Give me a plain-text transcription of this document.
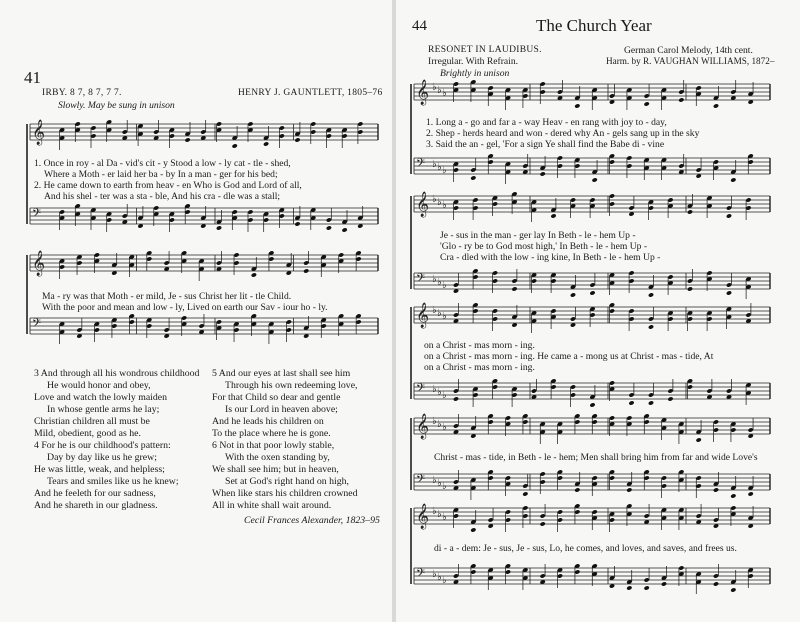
𝄞
𝄢
𝄞
𝄢
𝄞 ♭ ♭ ♭
𝄢 ♭ ♭ ♭
𝄞 ♭ ♭ ♭
𝄢 ♭ ♭ ♭
𝄞 ♭ ♭ ♭
𝄢 ♭ ♭ ♭
𝄞 ♭ ♭ ♭
𝄢 ♭ ♭ ♭
𝄞 ♭ ♭ ♭
𝄢 ♭ ♭ ♭
41
IRBY. 8 7, 8 7, 7 7.	HENRY J. GAUNTLETT, 1805–76
Slowly. May be sung in unison
1. Once in roy - al Da - vid's cit - y Stood a low - ly cat - tle - shed,
Where a Moth - er laid her ba - by In a man - ger for his bed;
2. He came down to earth from heav - en Who is God and Lord of all,
And his shel - ter was a sta - ble, And his cra - dle was a stall;
Ma - ry was that Moth - er mild, Je - sus Christ her lit - tle Child.
With the poor and mean and low - ly, Lived on earth our Sav - iour ho - ly.
3 And through all his wondrous childhood
He would honor and obey,
Love and watch the lowly maiden
In whose gentle arms he lay;
Christian children all must be
Mild, obedient, good as he.
4 For he is our childhood's pattern:
Day by day like us he grew;
He was little, weak, and helpless;
Tears and smiles like us he knew;
And he feeleth for our sadness,
And he shareth in our gladness.
5 And our eyes at last shall see him
Through his own redeeming love,
For that Child so dear and gentle
Is our Lord in heaven above;
And he leads his children on
To the place where he is gone.
6 Not in that poor lowly stable,
With the oxen standing by,
We shall see him; but in heaven,
Set at God's right hand on high,
When like stars his children crowned
All in white shall wait around.
Cecil Frances Alexander, 1823–95
44	The Church Year
RESONET IN LAUDIBUS.
Irregular. With Refrain.
German Carol Melody, 14th cent.
Harm. by R. VAUGHAN WILLIAMS, 1872–
Brightly in unison
1. Long a - go and far a - way Heav - en rang with joy to - day,
2. Shep - herds heard and won - dered why An - gels sang up in the sky
3. Said the an - gel, 'For a sign Ye shall find the Babe di - vine
Je - sus in the man - ger lay In Beth - le - hem Up -
'Glo - ry be to God most high,' In Beth - le - hem Up -
Cra - dled with the low - ing kine, In Beth - le - hem Up -
on a Christ - mas morn - ing.
on a Christ - mas morn - ing. He came a - mong us at Christ - mas - tide, At
on a Christ - mas morn - ing.
Christ - mas - tide, in Beth - le - hem; Men shall bring him from far and wide Love's
di - a - dem: Je - sus, Je - sus, Lo, he comes, and loves, and saves, and frees us.
